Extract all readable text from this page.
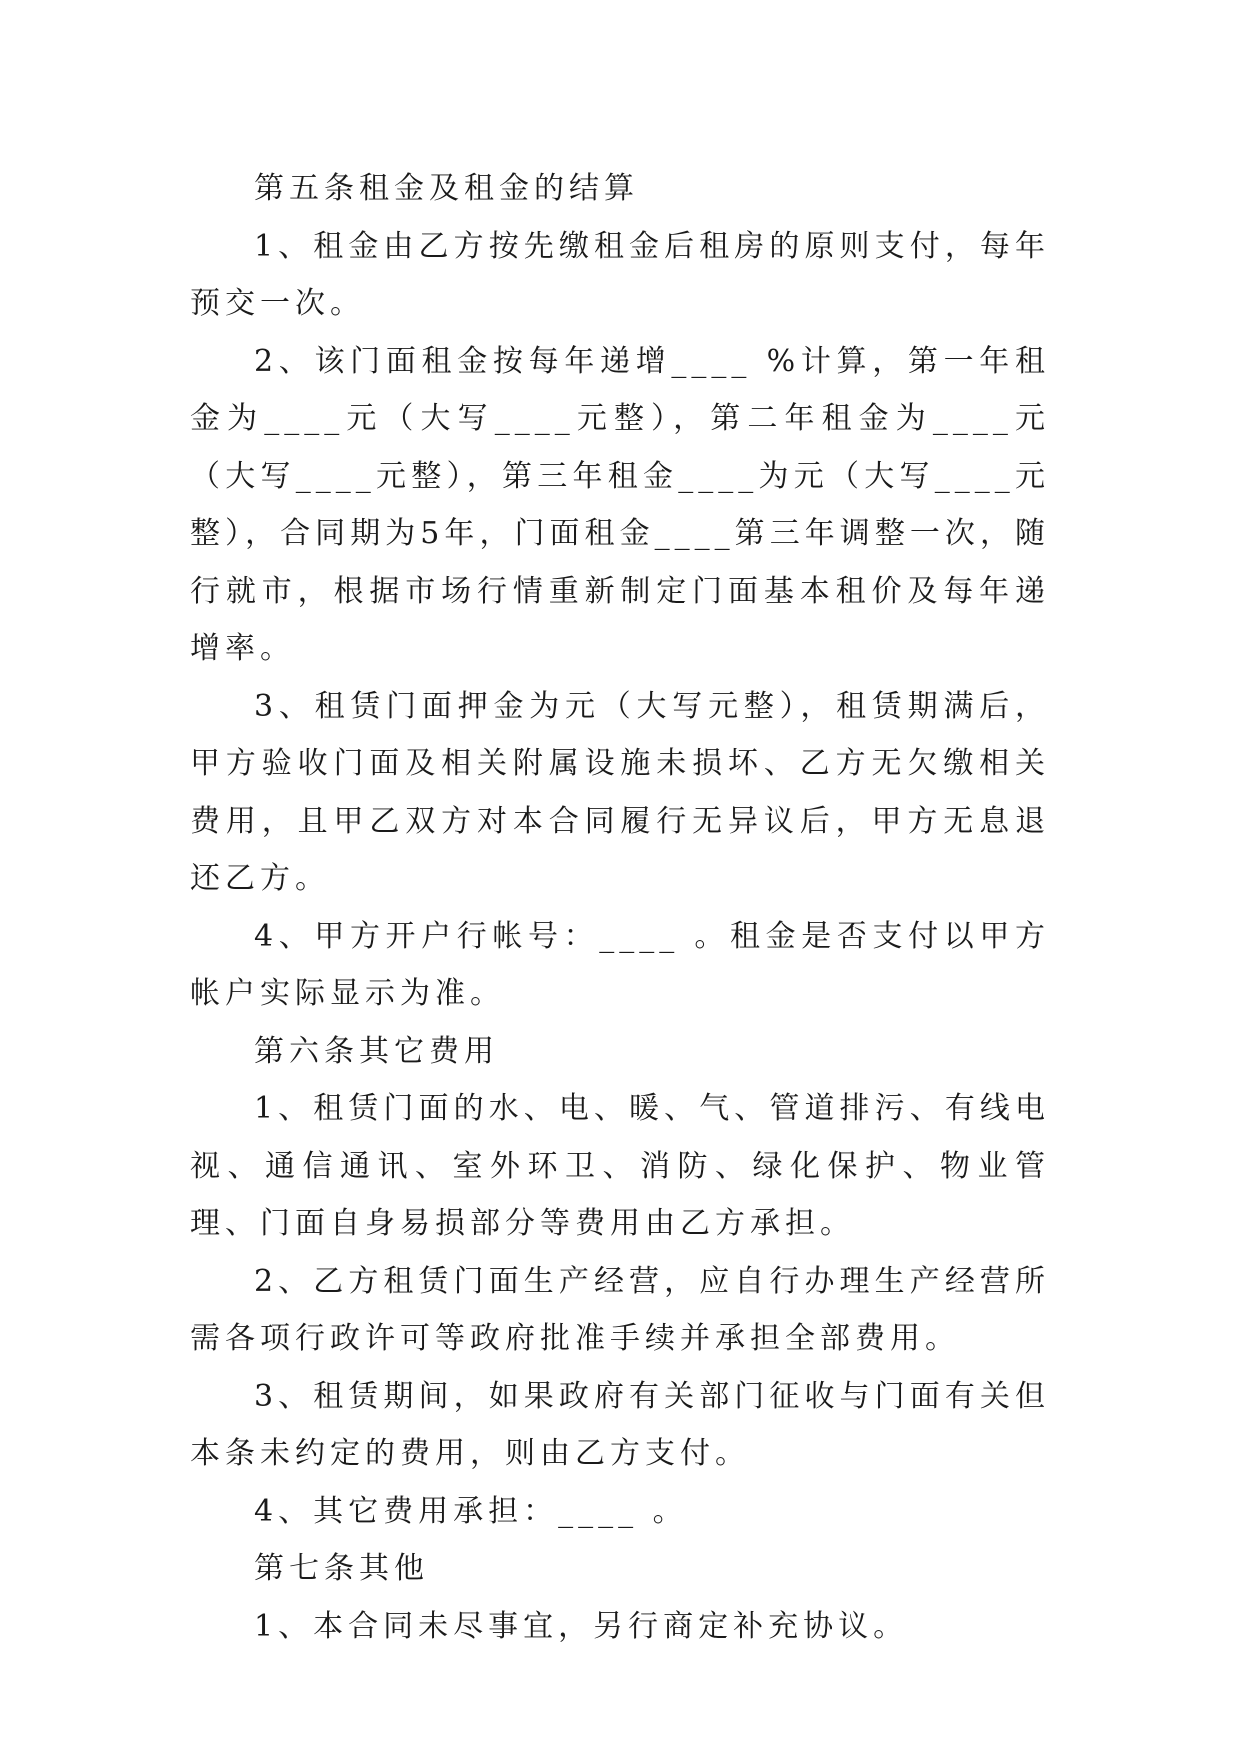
第五条租金及租金的结算

1、租金由乙方按先缴租金后租房的原则支付，每年预交一次。

2、该门面租金按每年递增____ %计算，第一年租金为____元（大写____元整），第二年租金为____元（大写____元整），第三年租金____为元（大写____元整），合同期为5年，门面租金____第三年调整一次，随行就市，根据市场行情重新制定门面基本租价及每年递增率。

3、租赁门面押金为元（大写元整），租赁期满后，甲方验收门面及相关附属设施未损坏、乙方无欠缴相关费用，且甲乙双方对本合同履行无异议后，甲方无息退还乙方。

4、甲方开户行帐号：____ 。租金是否支付以甲方帐户实际显示为准。

第六条其它费用

1、租赁门面的水、电、暖、气、管道排污、有线电视、通信通讯、室外环卫、消防、绿化保护、物业管理、门面自身易损部分等费用由乙方承担。

2、乙方租赁门面生产经营，应自行办理生产经营所需各项行政许可等政府批准手续并承担全部费用。

3、租赁期间，如果政府有关部门征收与门面有关但本条未约定的费用，则由乙方支付。

4、其它费用承担：____ 。

第七条其他

1、本合同未尽事宜，另行商定补充协议。
